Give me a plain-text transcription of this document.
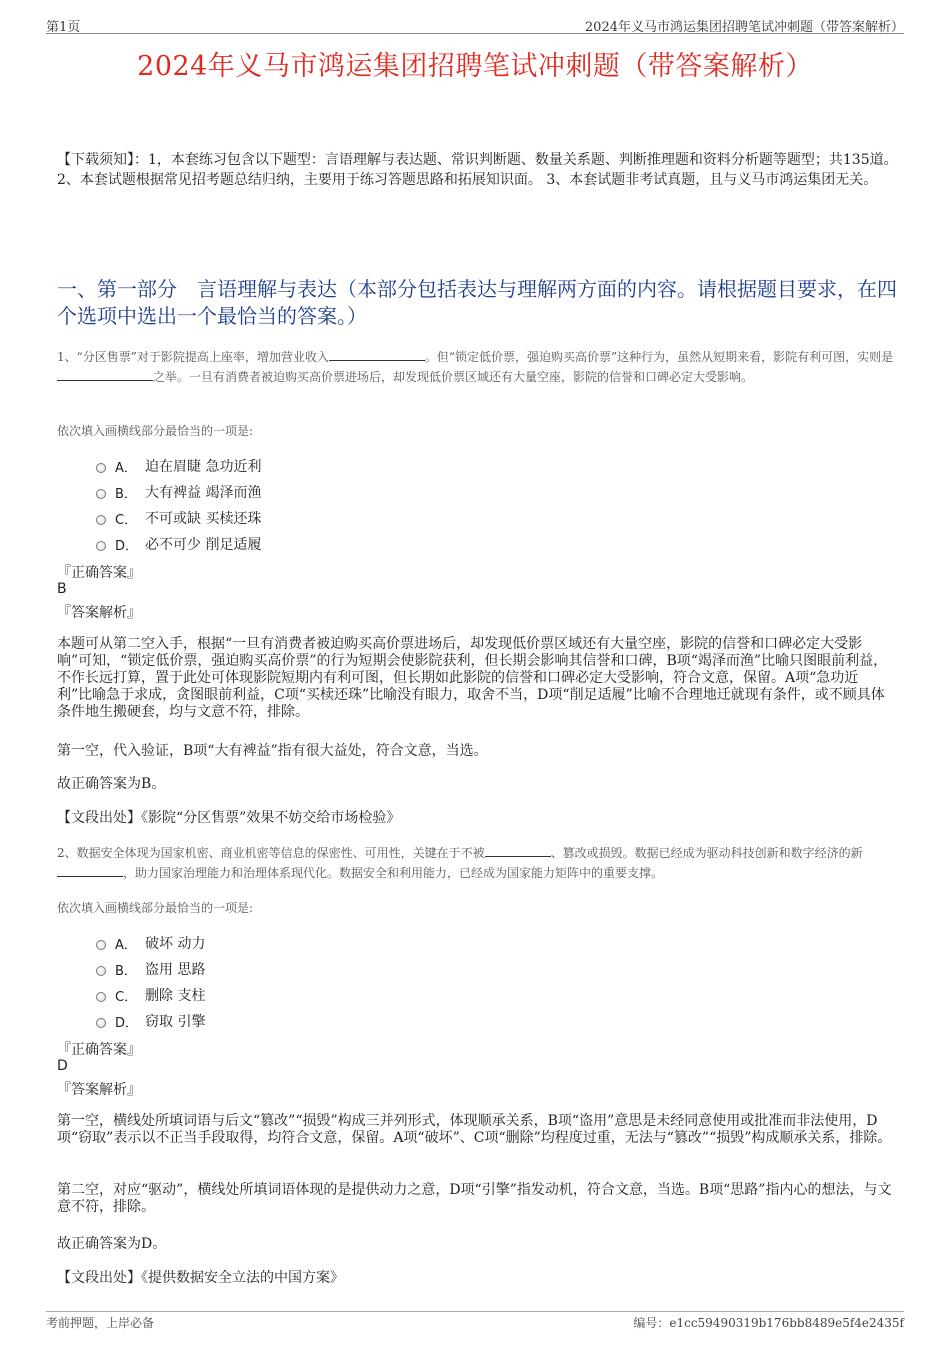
第1页	2024年义马市鸿运集团招聘笔试冲刺题（带答案解析）
2024年义马市鸿运集团招聘笔试冲刺题（带答案解析）
【下载须知】：1，本套练习包含以下题型：言语理解与表达题、常识判断题、数量关系题、判断推理题和资料分析题等题型；共135道。 2、本套试题根据常见招考题总结归纳，主要用于练习答题思路和拓展知识面。 3、本套试题非考试真题，且与义马市鸿运集团无关。
一、第一部分　言语理解与表达（本部分包括表达与理解两方面的内容。请根据题目要求，在四个选项中选出一个最恰当的答案。）
1、“分区售票”对于影院提高上座率，增加营业收入	。但“锁定低价票，强迫购买高价票”这种行为，虽然从短期来看，影院有利可图，实则是之举。一旦有消费者被迫购买高价票进场后，却发现低价票区域还有大量空座，影院的信誉和口碑必定大受影响。
依次填入画横线部分最恰当的一项是:
A． 迫在眉睫 急功近利
B． 大有裨益 竭泽而渔
C． 不可或缺 买椟还珠
D． 必不可少 削足适履
『正确答案』
B
『答案解析』
本题可从第二空入手，根据“一旦有消费者被迫购买高价票进场后，却发现低价票区域还有大量空座，影院的信誉和口碑必定大受影响”可知，“锁定低价票，强迫购买高价票”的行为短期会使影院获利，但长期会影响其信誉和口碑，B项“竭泽而渔”比喻只图眼前利益，不作长远打算，置于此处可体现影院短期内有利可图，但长期如此影院的信誉和口碑必定大受影响，符合文意，保留。A项“急功近利”比喻急于求成，贪图眼前利益，C项“买椟还珠”比喻没有眼力，取舍不当，D项“削足适履”比喻不合理地迁就现有条件，或不顾具体条件地生搬硬套，均与文意不符，排除。
第一空，代入验证，B项“大有裨益”指有很大益处，符合文意，当选。
故正确答案为B。
【文段出处】《影院“分区售票”效果不妨交给市场检验》
2、数据安全体现为国家机密、商业机密等信息的保密性、可用性，关键在于不被	、篡改或损毁。数据已经成为驱动科技创新和数字经济的新，助力国家治理能力和治理体系现代化。数据安全和利用能力，已经成为国家能力矩阵中的重要支撑。
依次填入画横线部分最恰当的一项是:
A． 破坏 动力
B． 盗用 思路
C． 删除 支柱
D． 窃取 引擎
『正确答案』
D
『答案解析』
第一空，横线处所填词语与后文“篡改”“损毁”构成三并列形式，体现顺承关系，B项“盗用”意思是未经同意使用或批准而非法使用，D项“窃取”表示以不正当手段取得，均符合文意，保留。A项“破坏”、C项“删除”均程度过重，无法与“篡改”“损毁”构成顺承关系，排除。
第二空，对应“驱动”，横线处所填词语体现的是提供动力之意，D项“引擎”指发动机，符合文意，当选。B项“思路”指内心的想法，与文意不符，排除。
故正确答案为D。
【文段出处】《提供数据安全立法的中国方案》
考前押题，上岸必备	编号：e1cc59490319b176bb8489e5f4e2435f
